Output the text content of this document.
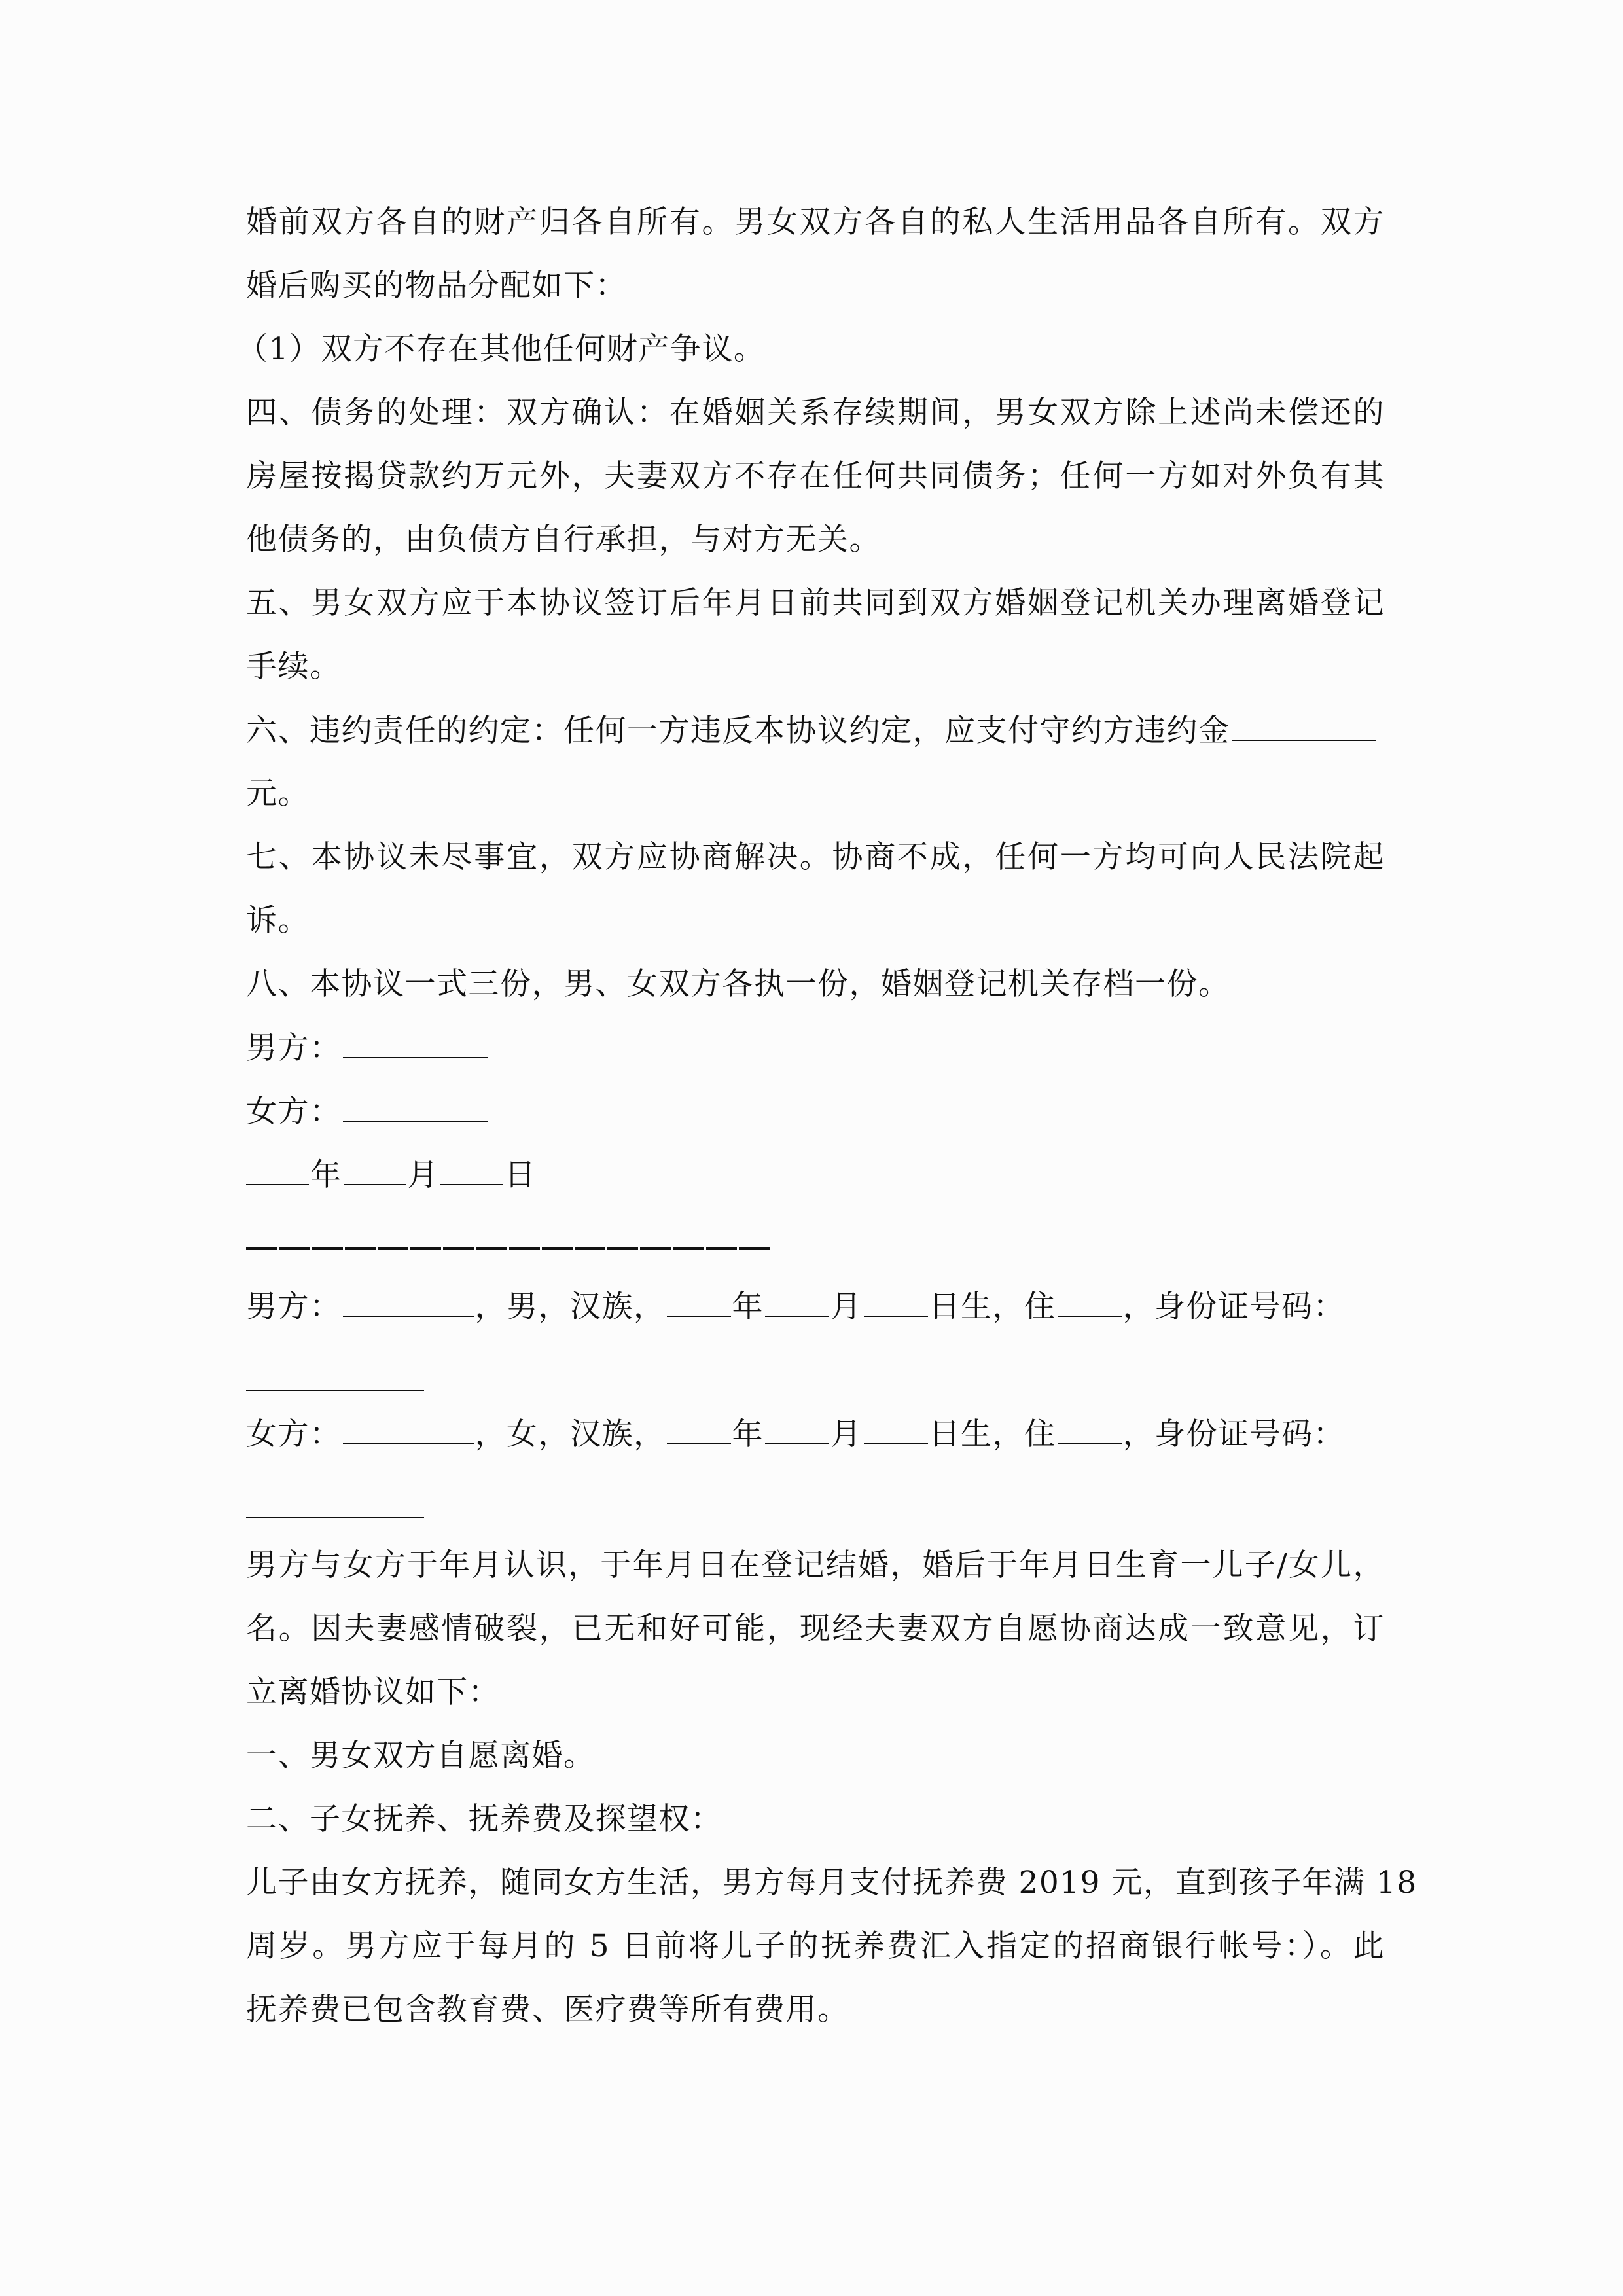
婚前双方各自的财产归各自所有。男女双方各自的私人生活用品各自所有。双方
婚后购买的物品分配如下：
（1）双方不存在其他任何财产争议。
四、债务的处理：双方确认：在婚姻关系存续期间，男女双方除上述尚未偿还的
房屋按揭贷款约万元外，夫妻双方不存在任何共同债务；任何一方如对外负有其
他债务的，由负债方自行承担，与对方无关。
五、男女双方应于本协议签订后年月日前共同到双方婚姻登记机关办理离婚登记
手续。
六、违约责任的约定：任何一方违反本协议约定，应支付守约方违约金
元。
七、本协议未尽事宜，双方应协商解决。协商不成，任何一方均可向人民法院起
诉。
八、本协议一式三份，男、女双方各执一份，婚姻登记机关存档一份。
男方：
女方：
年 月 日
男方：	，男，汉族， 年 月 日生，住 ，身份证号码：
女方：	，女，汉族， 年 月 日生，住 ，身份证号码：
男方与女方于年月认识，于年月日在登记结婚，婚后于年月日生育一儿子/女儿，
名。因夫妻感情破裂，已无和好可能，现经夫妻双方自愿协商达成一致意见，订
立离婚协议如下：
一、男女双方自愿离婚。
二、子女抚养、抚养费及探望权：
儿子由女方抚养，随同女方生活，男方每月支付抚养费 2019 元，直到孩子年满 18
周岁。男方应于每月的 5 日前将儿子的抚养费汇入指定的招商银行帐号：）。此
抚养费已包含教育费、医疗费等所有费用。
